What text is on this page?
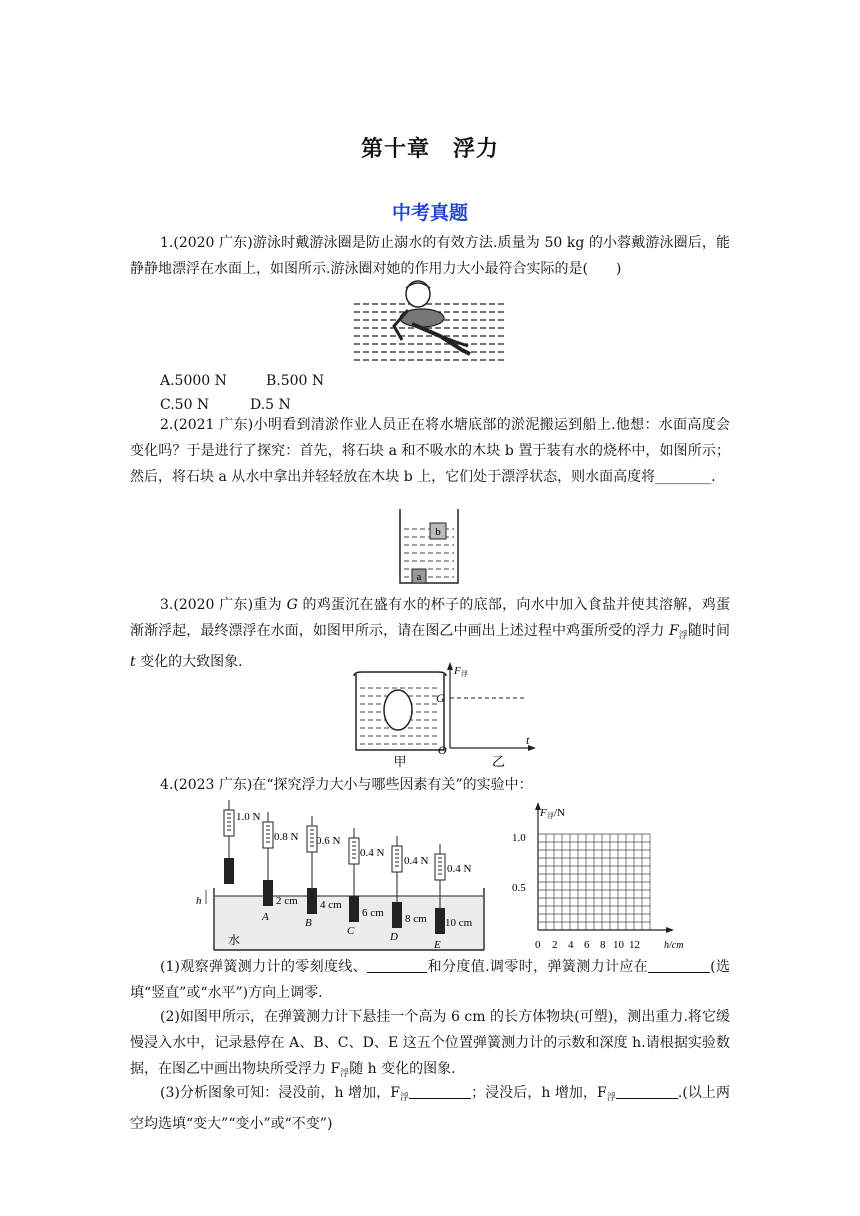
第十章　浮力
中考真题
1.(2020 广东)游泳时戴游泳圈是防止溺水的有效方法.质量为 50 kg 的小蓉戴游泳圈后，能静静地漂浮在水面上，如图所示.游泳圈对她的作用力大小最符合实际的是(　　)
A.5000 N	B.500 N
C.50 N	D.5 N
2.(2021 广东)小明看到清淤作业人员正在将水塘底部的淤泥搬运到船上.他想：水面高度会变化吗？于是进行了探究：首先，将石块 a 和不吸水的木块 b 置于装有水的烧杯中，如图所示；然后，将石块 a 从水中拿出并轻轻放在木块 b 上，它们处于漂浮状态，则水面高度将________.
b
a
3.(2020 广东)重为 G 的鸡蛋沉在盛有水的杯子的底部，向水中加入食盐并使其溶解，鸡蛋渐渐浮起，最终漂浮在水面，如图甲所示，请在图乙中画出上述过程中鸡蛋所受的浮力 $F_浮$随时间 t 变化的大致图象.
甲
F 浮
G
O
t
乙
4.(2023 广东)在“探究浮力大小与哪些因素有关”的实验中：
水
h
1.0 N
0.8 N
A
2 cm
0.6 N
B
4 cm
0.4 N
C
6 cm
0.4 N
D
8 cm
0.4 N
E
10 cm
F 浮 /N
1.0
0.5
0 2 4 6 8 10 12 h/cm
(1)观察弹簧测力计的零刻度线、	和分度值.调零时，弹簧测力计应在	(选填“竖直”或“水平”)方向上调零.
(2)如图甲所示，在弹簧测力计下悬挂一个高为 6 cm 的长方体物块(可塑)，测出重力.将它缓慢浸入水中，记录悬停在 A、B、C、D、E 这五个位置弹簧测力计的示数和深度 h.请根据实验数据，在图乙中画出物块所受浮力 $F_浮$随 h 变化的图象.
(3)分析图象可知：浸没前，h 增加，$F_浮$	；浸没后，h 增加，$F_浮$	.(以上两空均选填“变大”“变小”或“不变”)
